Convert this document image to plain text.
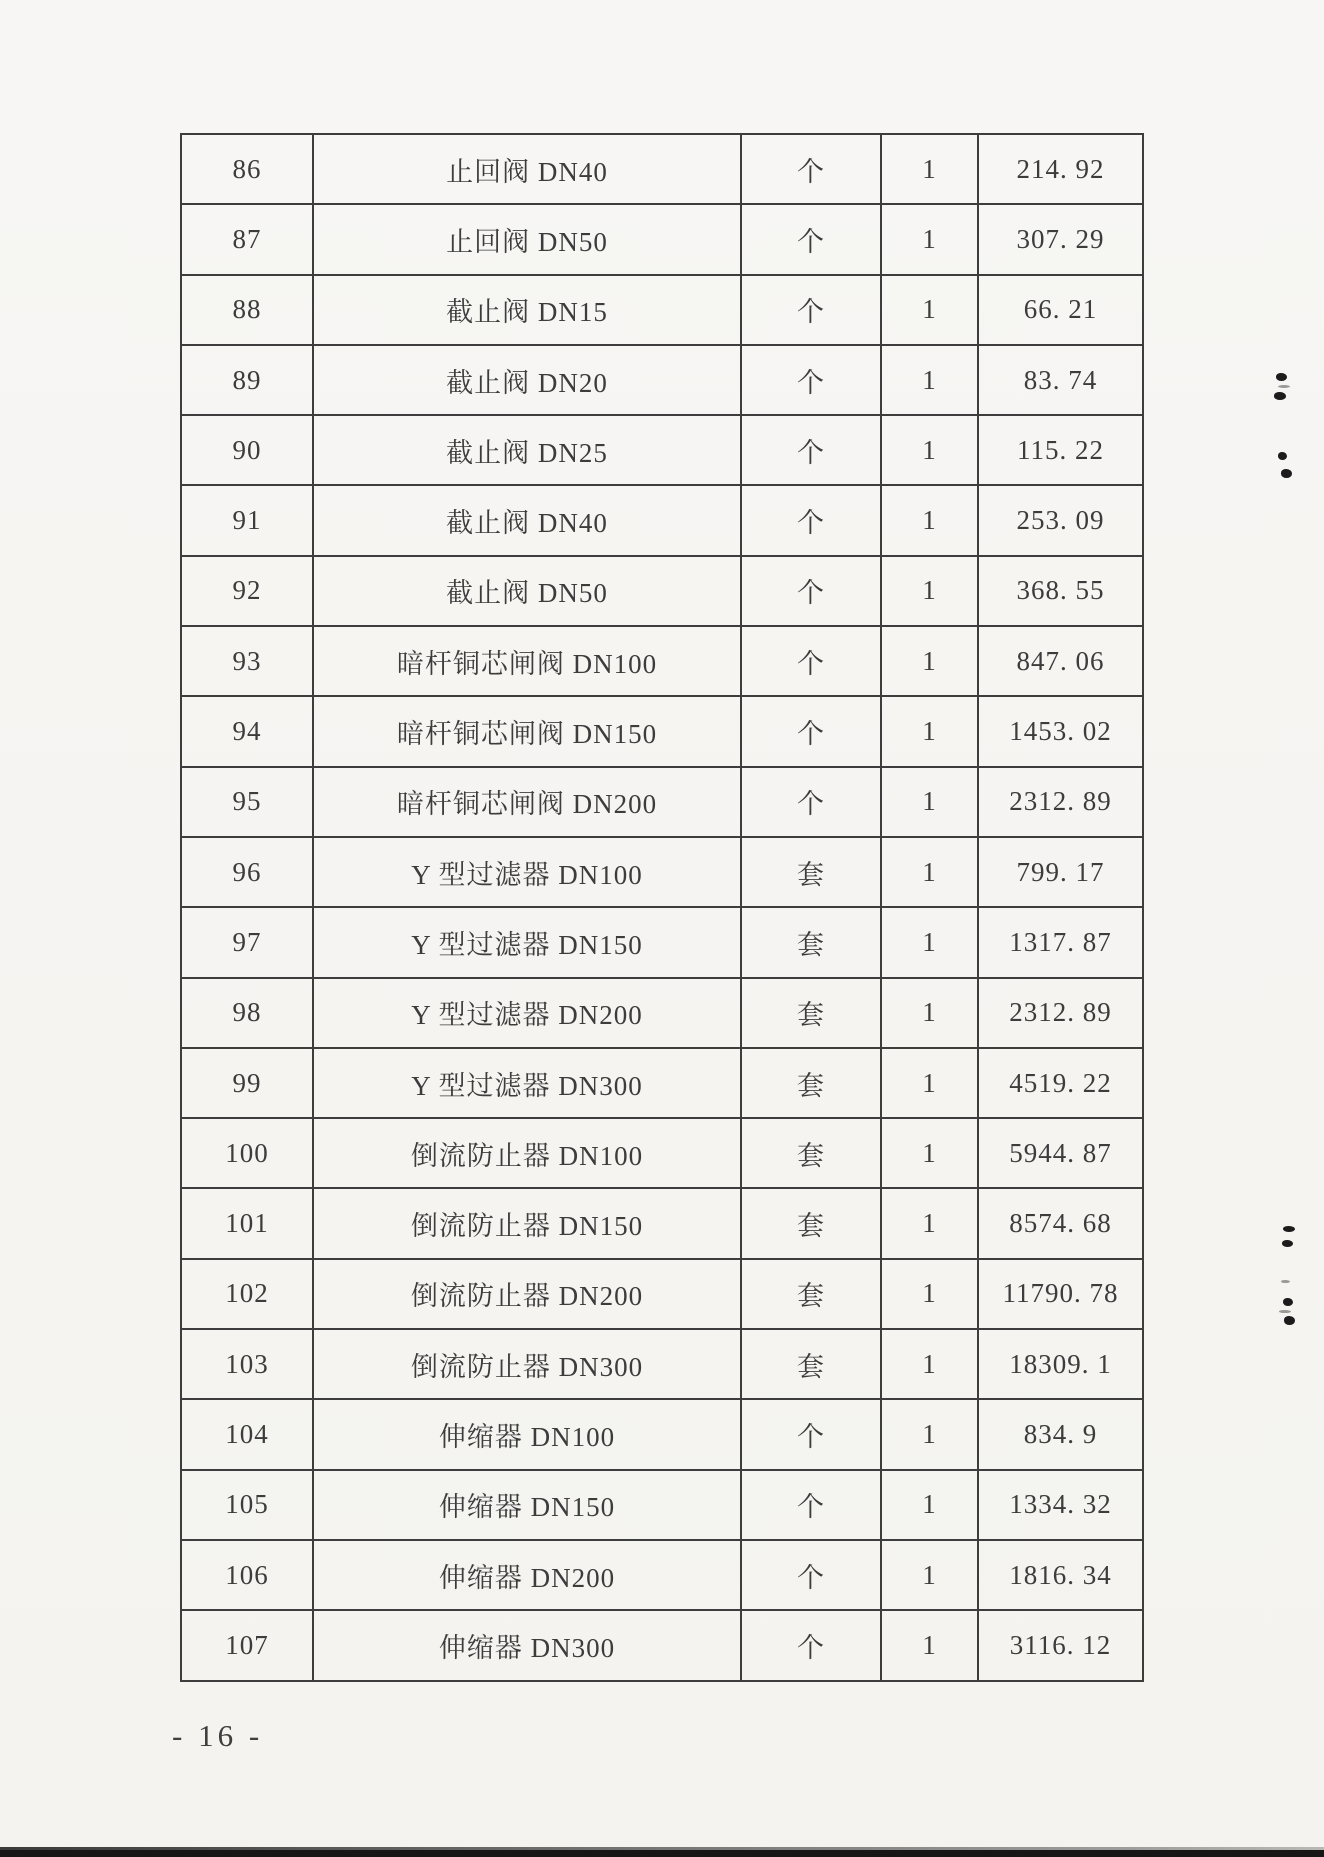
86	止回阀 DN40	个	1	214. 92
87	止回阀 DN50	个	1	307. 29
88	截止阀 DN15	个	1	66. 21
89	截止阀 DN20	个	1	83. 74
90	截止阀 DN25	个	1	115. 22
91	截止阀 DN40	个	1	253. 09
92	截止阀 DN50	个	1	368. 55
93	暗杆铜芯闸阀 DN100	个	1	847. 06
94	暗杆铜芯闸阀 DN150	个	1	1453. 02
95	暗杆铜芯闸阀 DN200	个	1	2312. 89
96	Y 型过滤器 DN100	套	1	799. 17
97	Y 型过滤器 DN150	套	1	1317. 87
98	Y 型过滤器 DN200	套	1	2312. 89
99	Y 型过滤器 DN300	套	1	4519. 22
100	倒流防止器 DN100	套	1	5944. 87
101	倒流防止器 DN150	套	1	8574. 68
102	倒流防止器 DN200	套	1	11790. 78
103	倒流防止器 DN300	套	1	18309. 1
104	伸缩器 DN100	个	1	834. 9
105	伸缩器 DN150	个	1	1334. 32
106	伸缩器 DN200	个	1	1816. 34
107	伸缩器 DN300	个	1	3116. 12
- 16 -
